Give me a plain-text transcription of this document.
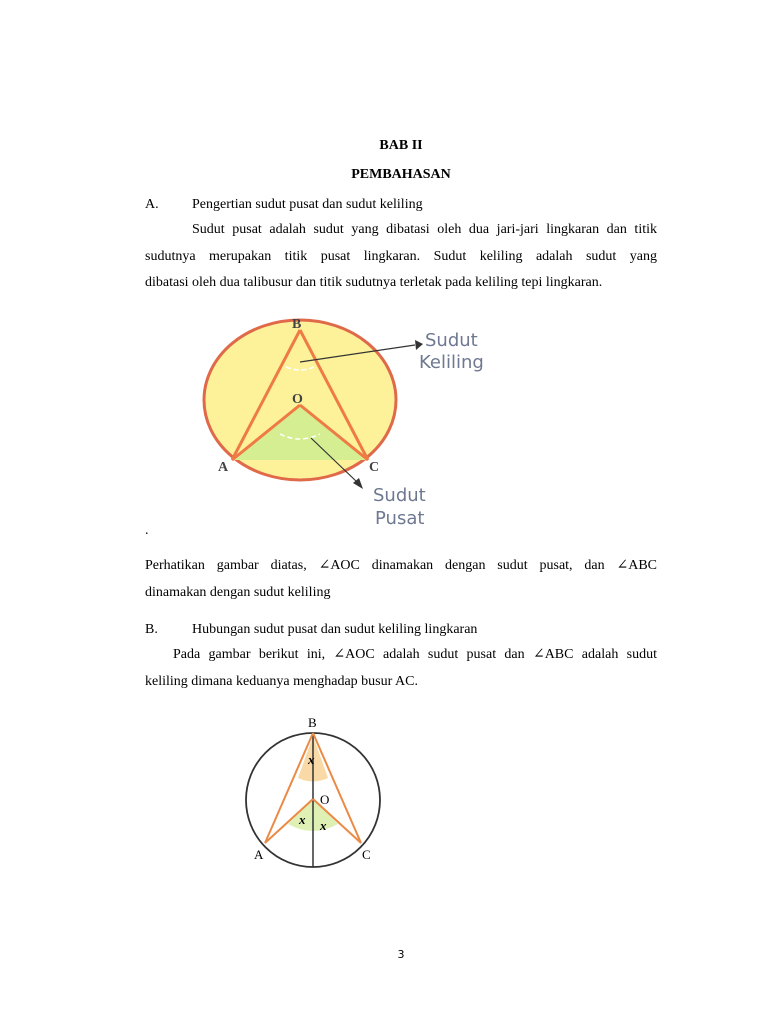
BAB II
PEMBAHASAN
A. Pengertian sudut pusat dan sudut keliling
Sudut pusat adalah sudut yang dibatasi oleh dua jari-jari lingkaran dan titik
sudutnya merupakan titik pusat lingkaran. Sudut keliling adalah sudut yang
dibatasi oleh dua talibusur dan titik sudutnya terletak pada keliling tepi lingkaran.
B
O
A	C
Sudut
Keliling
Sudut
Pusat
.
Perhatikan gambar diatas, ∠AOC dinamakan dengan sudut pusat, dan ∠ABC
dinamakan dengan sudut keliling
B. Hubungan sudut pusat dan sudut keliling lingkaran
Pada gambar berikut ini, ∠AOC adalah sudut pusat dan ∠ABC adalah sudut
keliling dimana keduanya menghadap busur AC.
B
O
A	C
x
x x
3
